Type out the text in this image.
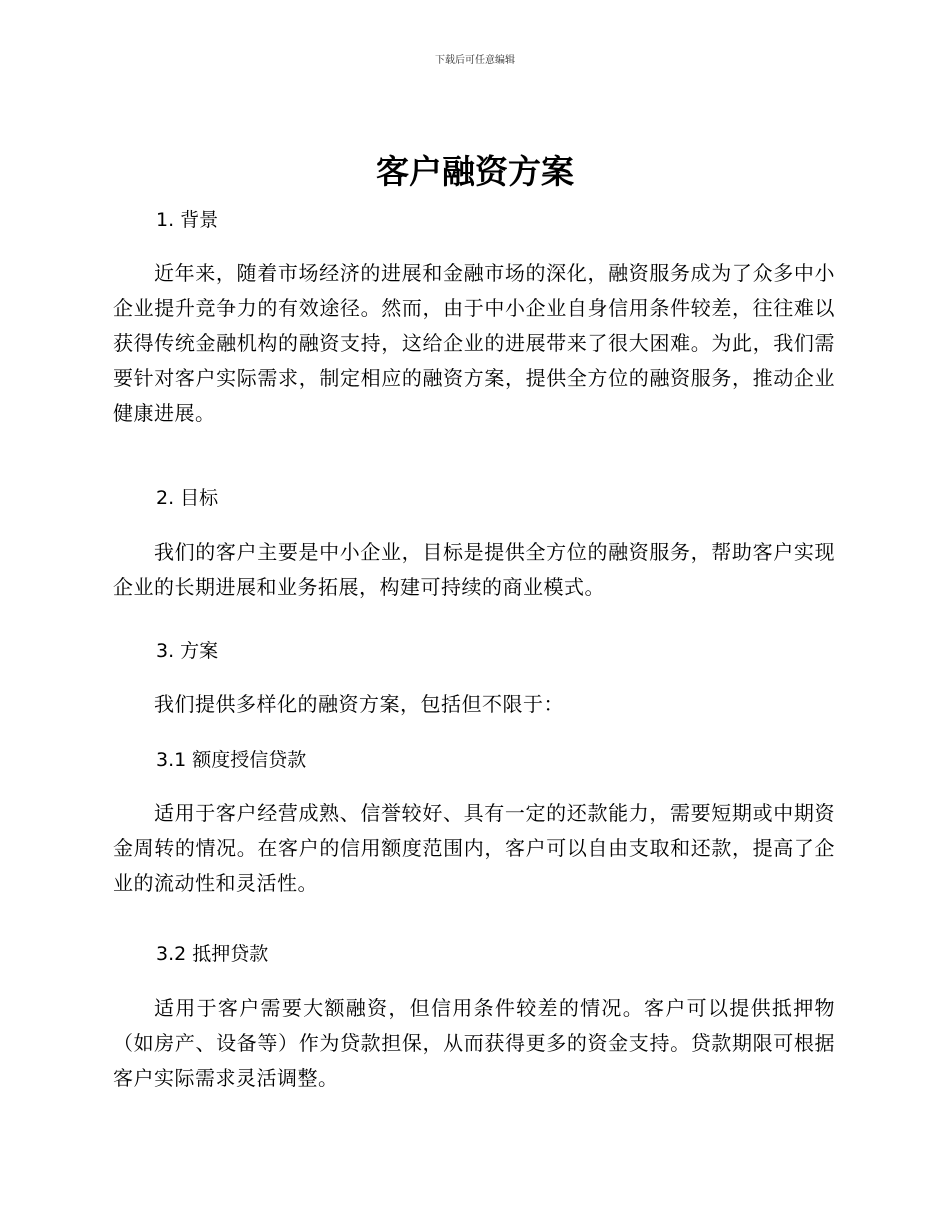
下载后可任意编辑
客户融资方案
1. 背景
近年来，随着市场经济的进展和金融市场的深化，融资服务成为了众多中小企业提升竞争力的有效途径。然而，由于中小企业自身信用条件较差，往往难以获得传统金融机构的融资支持，这给企业的进展带来了很大困难。为此，我们需要针对客户实际需求，制定相应的融资方案，提供全方位的融资服务，推动企业健康进展。
2. 目标
我们的客户主要是中小企业，目标是提供全方位的融资服务，帮助客户实现企业的长期进展和业务拓展，构建可持续的商业模式。
3. 方案
我们提供多样化的融资方案，包括但不限于：
3.1 额度授信贷款
适用于客户经营成熟、信誉较好、具有一定的还款能力，需要短期或中期资金周转的情况。在客户的信用额度范围内，客户可以自由支取和还款，提高了企业的流动性和灵活性。
3.2 抵押贷款
适用于客户需要大额融资，但信用条件较差的情况。客户可以提供抵押物（如房产、设备等）作为贷款担保，从而获得更多的资金支持。贷款期限可根据客户实际需求灵活调整。
